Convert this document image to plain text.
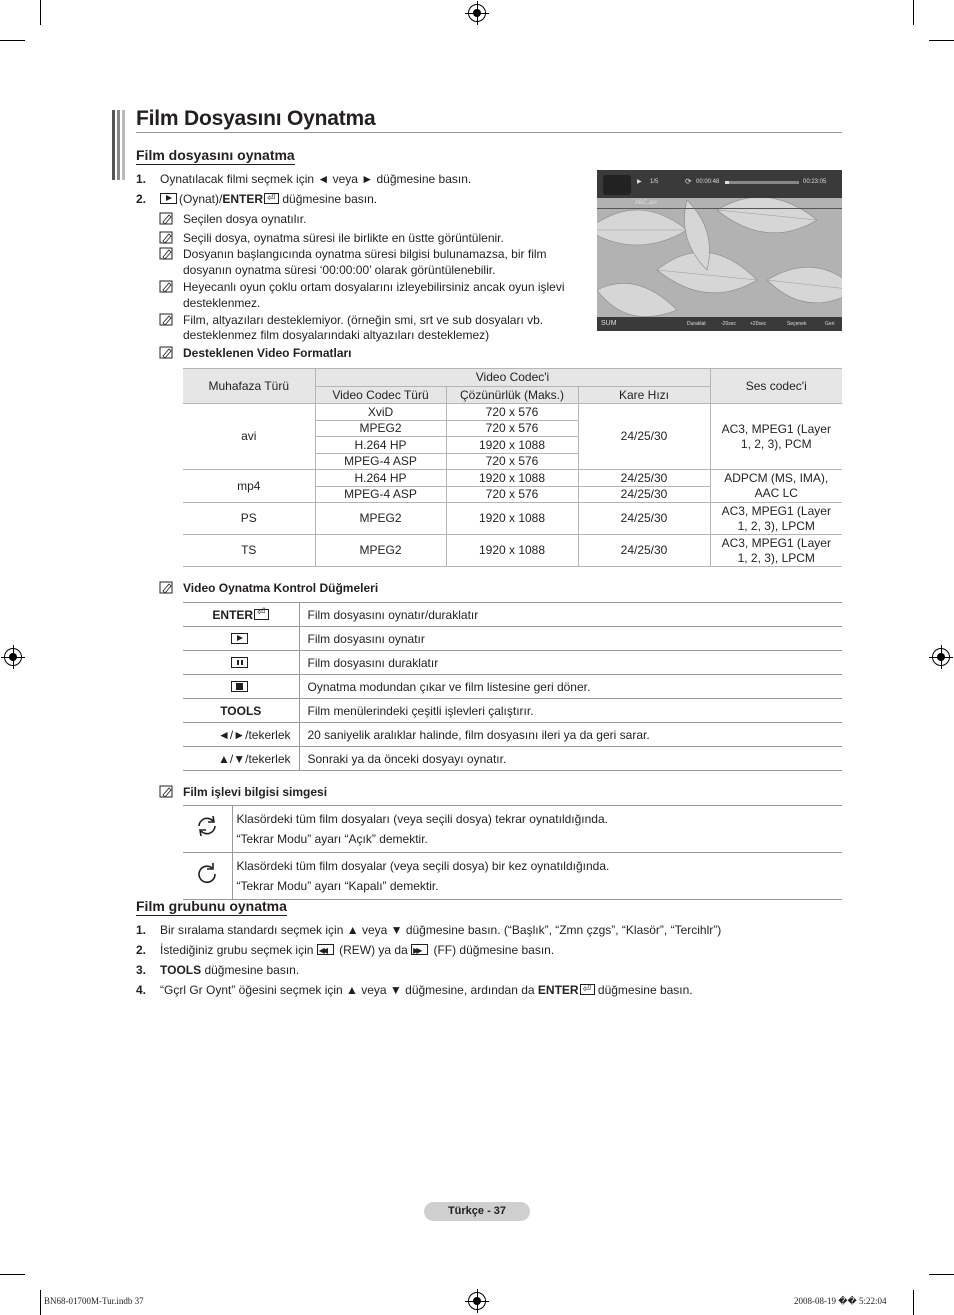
Film Dosyasını Oynatma
Film dosyasını oynatma
1. Oynatılacak filmi seçmek için ◄ veya ► düğmesine basın.
2.	(Oynat)/ENTER⏎ düğmesine basın.
Seçilen dosya oynatılır.
Seçili dosya, oynatma süresi ile birlikte en üstte görüntülenir.
Dosyanın başlangıcında oynatma süresi bilgisi bulunamazsa, bir film
dosyanın oynatma süresi ‘00:00:00’ olarak görüntülenebilir.
Heyecanlı oyun çoklu ortam dosyalarını izleyebilirsiniz ancak oyun işlevi
desteklenmez.
Film, altyazıları desteklemiyor. (örneğin smi, srt ve sub dosyaları vb.
desteklenmez film dosyalarındaki altyazıları desteklemez)
Desteklenen Video Formatları
▶ 1/5	⟳ 00:00:48	00:23:05
ABC.avi
SUM	Duraklat	-20sec	+20sec	Seçenek	Geri
Muhafaza Türü	Video Codec'i			Ses codec'i
	Video Codec Türü	Çözünürlük (Maks.)	Kare Hızı	
avi	XviD	720 x 576	24/25/30	AC3, MPEG1 (Layer
1, 2, 3), PCM

	MPEG2	720 x 576		
	H.264 HP	1920 x 1088		
	MPEG-4 ASP	720 x 576		
mp4	H.264 HP	1920 x 1088	24/25/30	ADPCM (MS, IMA),
AAC LC

	MPEG-4 ASP	720 x 576	24/25/30	
PS	MPEG2	1920 x 1088	24/25/30	AC3, MPEG1 (Layer
1, 2, 3), LPCM

TS	MPEG2	1920 x 1088	24/25/30	AC3, MPEG1 (Layer
1, 2, 3), LPCM
Video Oynatma Kontrol Düğmeleri
ENTER⏎	Film dosyasını oynatır/duraklatır
	Film dosyasını oynatır
	Film dosyasını duraklatır
	Oynatma modundan çıkar ve film listesine geri döner.
TOOLS	Film menülerindeki çeşitli işlevleri çalıştırır.
◄/►/tekerlek	20 saniyelik aralıklar halinde, film dosyasını ileri ya da geri sarar.
▲/▼/tekerlek	Sonraki ya da önceki dosyayı oynatır.
Film işlevi bilgisi simgesi

Klasördeki tüm film dosyaları (veya seçili dosya) tekrar oynatıldığında.
“Tekrar Modu” ayarı “Açık” demektir.

Klasördeki tüm film dosyalar (veya seçili dosya) bir kez oynatıldığında.
“Tekrar Modu” ayarı “Kapalı” demektir.
Film grubunu oynatma
1. Bir sıralama standardı seçmek için ▲ veya ▼ düğmesine basın. (“Başlık”, “Zmn çzgs”, “Klasör”, “Tercihlr”)
2. İstediğiniz grubu seçmek için ◀◀ (REW) ya da ▶▶ (FF) düğmesine basın.
3. TOOLS düğmesine basın.
4. “Gçrl Gr Oynt” öğesini seçmek için ▲ veya ▼ düğmesine, ardından da ENTER⏎ düğmesine basın.
Türkçe - 37
BN68-01700M-Tur.indb 37	2008-08-19 �� 5:22:04
